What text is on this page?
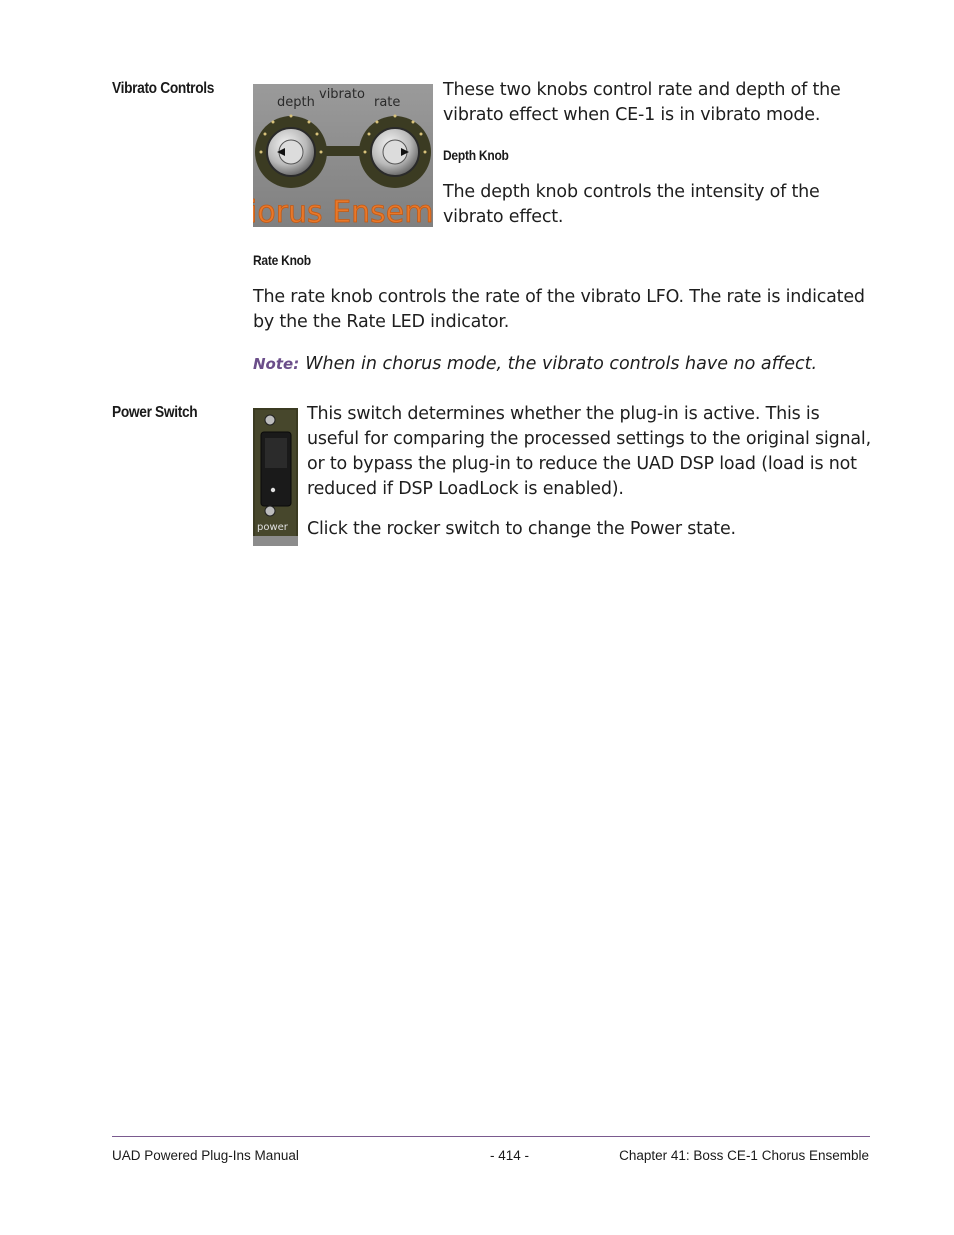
Vibrato Controls
depth
vibrato
rate
iorus Ensem
These two knobs control rate and depth of the vibrato effect when CE-1 is in vibrato mode.
Depth Knob
The depth knob controls the intensity of the vibrato effect.
Rate Knob
The rate knob controls the rate of the vibrato LFO. The rate is indicated by the the Rate LED indicator.
Note: When in chorus mode, the vibrato controls have no affect.
Power Switch
power
This switch determines whether the plug-in is active. This is useful for comparing the processed settings to the original signal, or to bypass the plug-in to reduce the UAD DSP load (load is not reduced if DSP LoadLock is enabled).
Click the rocker switch to change the Power state.
UAD Powered Plug-Ins Manual	- 414 -	Chapter 41: Boss CE-1 Chorus Ensemble
